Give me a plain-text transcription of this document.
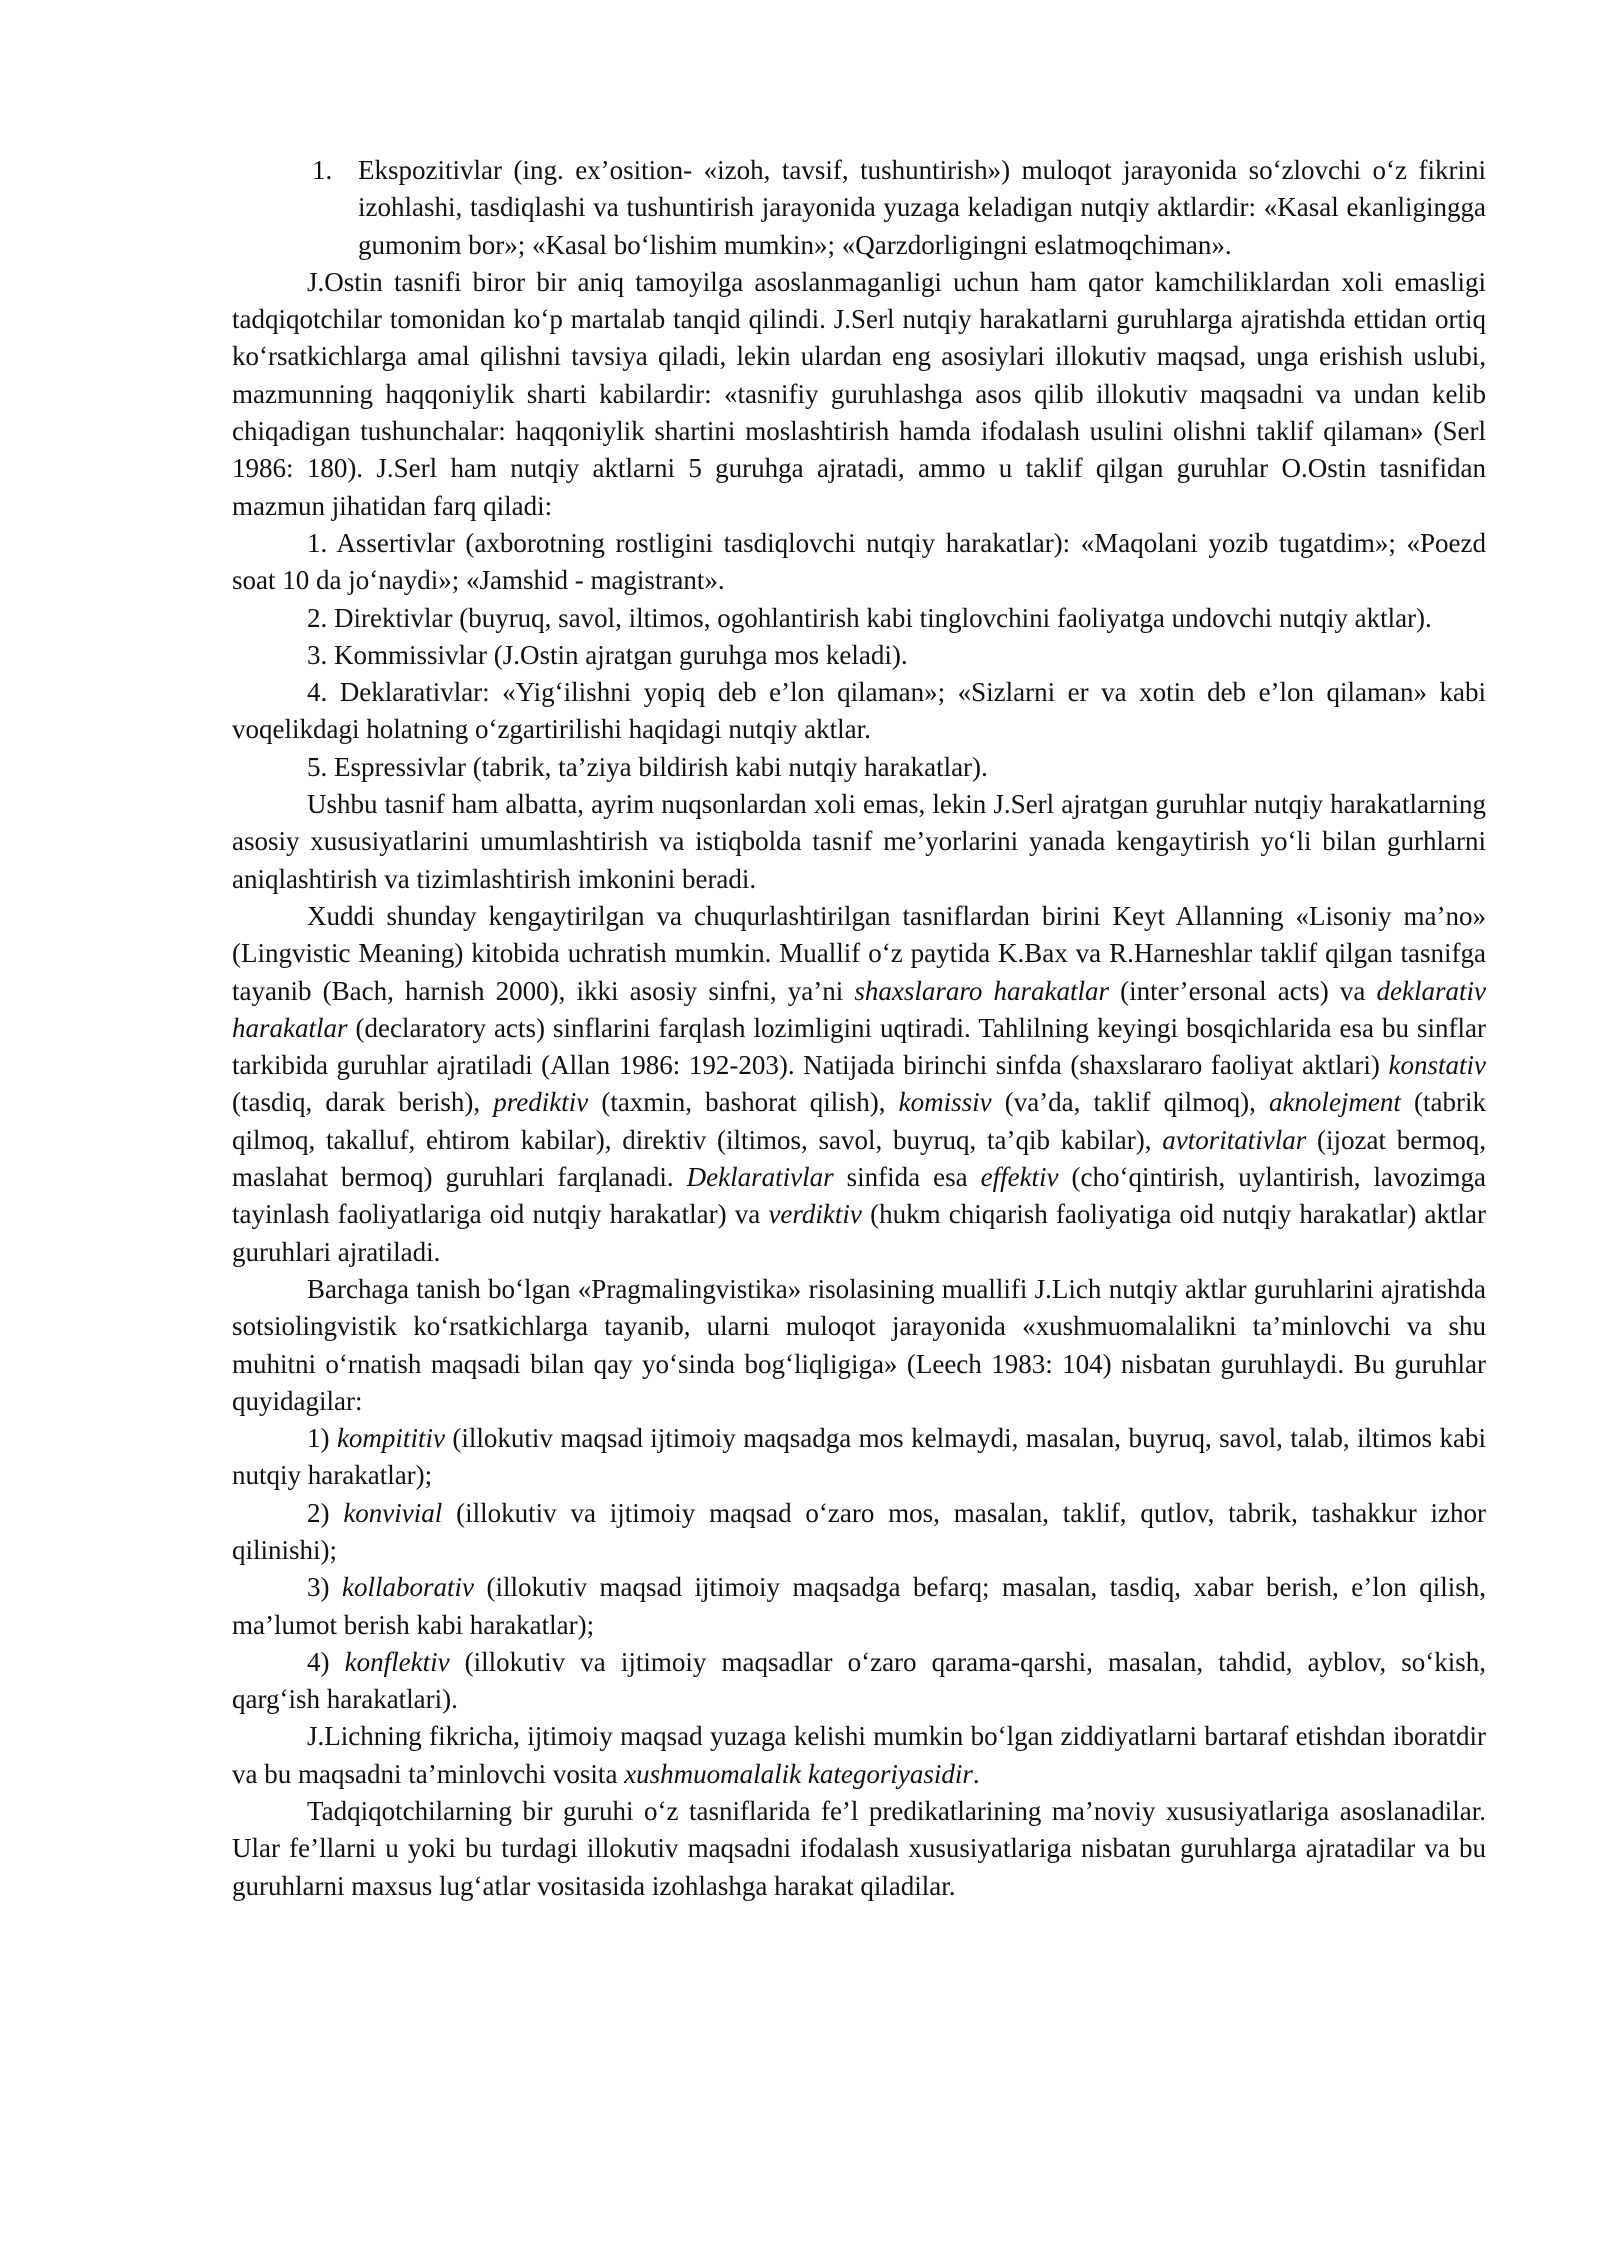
1. Ekspozitivlar (ing. ex’osition- «izoh, tavsif, tushuntirish») muloqot jarayonida so‘zlovchi o‘z fikrini izohlashi, tasdiqlashi va tushuntirish jarayonida yuzaga keladigan nutqiy aktlardir: «Kasal ekanligingga gumonim bor»; «Kasal bo‘lishim mumkin»; «Qarzdorligingni eslatmoqchiman».

J.Ostin tasnifi biror bir aniq tamoyilga asoslanmaganligi uchun ham qator kamchiliklardan xoli emasligi tadqiqotchilar tomonidan ko‘p martalab tanqid qilindi. J.Serl nutqiy harakatlarni guruhlarga ajratishda ettidan ortiq ko‘rsatkichlarga amal qilishni tavsiya qiladi, lekin ulardan eng asosiylari illokutiv maqsad, unga erishish uslubi, mazmunning haqqoniylik sharti kabilardir: «tasnifiy guruhlashga asos qilib illokutiv maqsadni va undan kelib chiqadigan tushunchalar: haqqoniylik shartini moslashtirish hamda ifodalash usulini olishni taklif qilaman» (Serl 1986: 180). J.Serl ham nutqiy aktlarni 5 guruhga ajratadi, ammo u taklif qilgan guruhlar O.Ostin tasnifidan mazmun jihatidan farq qiladi:

1. Assertivlar (axborotning rostligini tasdiqlovchi nutqiy harakatlar): «Maqolani yozib tugatdim»; «Poezd soat 10 da jo‘naydi»; «Jamshid - magistrant».

2. Direktivlar (buyruq, savol, iltimos, ogohlantirish kabi tinglovchini faoliyatga undovchi nutqiy aktlar).

3. Kommissivlar (J.Ostin ajratgan guruhga mos keladi).

4. Deklarativlar: «Yig‘ilishni yopiq deb e’lon qilaman»; «Sizlarni er va xotin deb e’lon qilaman» kabi voqelikdagi holatning o‘zgartirilishi haqidagi nutqiy aktlar.

5. Espressivlar (tabrik, ta’ziya bildirish kabi nutqiy harakatlar).

Ushbu tasnif ham albatta, ayrim nuqsonlardan xoli emas, lekin J.Serl ajratgan guruhlar nutqiy harakatlarning asosiy xususiyatlarini umumlashtirish va istiqbolda tasnif me’yorlarini yanada kengaytirish yo‘li bilan gurhlarni aniqlashtirish va tizimlashtirish imkonini beradi.

Xuddi shunday kengaytirilgan va chuqurlashtirilgan tasniflardan birini Keyt Allanning «Lisoniy ma’no» (Lingvistic Meaning) kitobida uchratish mumkin. Muallif o‘z paytida K.Bax va R.Harneshlar taklif qilgan tasnifga tayanib (Bach, harnish 2000), ikki asosiy sinfni, ya’ni shaxslararo harakatlar (inter’ersonal acts) va deklarativ harakatlar (declaratory acts) sinflarini farqlash lozimligini uqtiradi. Tahlilning keyingi bosqichlarida esa bu sinflar tarkibida guruhlar ajratiladi (Allan 1986: 192-203). Natijada birinchi sinfda (shaxslararo faoliyat aktlari) konstativ (tasdiq, darak berish), prediktiv (taxmin, bashorat qilish), komissiv (va’da, taklif qilmoq), aknolejment (tabrik qilmoq, takalluf, ehtirom kabilar), direktiv (iltimos, savol, buyruq, ta’qib kabilar), avtoritativlar (ijozat bermoq, maslahat bermoq) guruhlari farqlanadi. Deklarativlar sinfida esa effektiv (cho‘qintirish, uylantirish, lavozimga tayinlash faoliyatlariga oid nutqiy harakatlar) va verdiktiv (hukm chiqarish faoliyatiga oid nutqiy harakatlar) aktlar guruhlari ajratiladi.

Barchaga tanish bo‘lgan «Pragmalingvistika» risolasining muallifi J.Lich nutqiy aktlar guruhlarini ajratishda sotsiolingvistik ko‘rsatkichlarga tayanib, ularni muloqot jarayonida «xushmuomalalikni ta’minlovchi va shu muhitni o‘rnatish maqsadi bilan qay yo‘sinda bog‘liqligiga» (Leech 1983: 104) nisbatan guruhlaydi. Bu guruhlar quyidagilar:

1) kompititiv (illokutiv maqsad ijtimoiy maqsadga mos kelmaydi, masalan, buyruq, savol, talab, iltimos kabi nutqiy harakatlar);

2) konvivial (illokutiv va ijtimoiy maqsad o‘zaro mos, masalan, taklif, qutlov, tabrik, tashakkur izhor qilinishi);

3) kollaborativ (illokutiv maqsad ijtimoiy maqsadga befarq; masalan, tasdiq, xabar berish, e’lon qilish, ma’lumot berish kabi harakatlar);

4) konflektiv (illokutiv va ijtimoiy maqsadlar o‘zaro qarama-qarshi, masalan, tahdid, ayblov, so‘kish, qarg‘ish harakatlari).

J.Lichning fikricha, ijtimoiy maqsad yuzaga kelishi mumkin bo‘lgan ziddiyatlarni bartaraf etishdan iboratdir va bu maqsadni ta’minlovchi vosita xushmuomalalik kategoriyasidir.

Tadqiqotchilarning bir guruhi o‘z tasniflarida fe’l predikatlarining ma’noviy xususiyatlariga asoslanadilar. Ular fe’llarni u yoki bu turdagi illokutiv maqsadni ifodalash xususiyatlariga nisbatan guruhlarga ajratadilar va bu guruhlarni maxsus lug‘atlar vositasida izohlashga harakat qiladilar.
